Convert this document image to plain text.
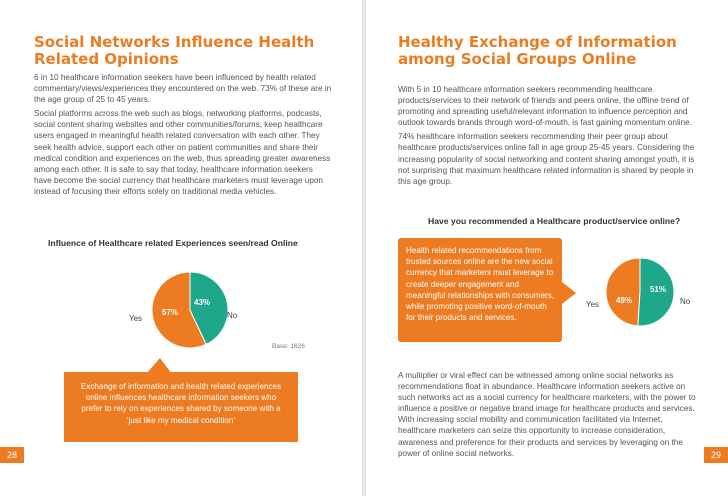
Social Networks Influence Health
Related Opinions

6 in 10 healthcare information seekers have been influenced by health related commentary/views/experiences they encountered on the web. 73% of these are in the age group of 25 to 45 years.

Social platforms across the web such as blogs, networking platforms, podcasts, social content sharing websites and other communities/forums, keep healthcare users engaged in meaningful health related conversation with each other. They seek health advice, support each other on patient communities and share their medical condition and experiences on the web, thus spreading greater awareness among each other. It is safe to say that today, healthcare information seekers have become the social currency that healthcare marketers must leverage upon instead of focusing their efforts solely on traditional media vehicles.

Influence of Healthcare related Experiences seen/read Online
Yes	No
57%
43%
Base: 1626
Exchange of information and health related experiences online influences healthcare information seekers who prefer to rely on experiences shared by someone with a 'just like my medical condition'
28
Healthy Exchange of Information
among Social Groups Online

With 5 in 10 healthcare information seekers recommending healthcare products/services to their network of friends and peers online, the offline trend of promoting and spreading useful/relevant information to influence perception and outlook towards brands through word-of-mouth, is fast gaining momentum online.

74% healthcare information seekers recommending their peer group about healthcare products/services online fall in age group 25-45 years. Considering the increasing popularity of social networking and content sharing amongst youth, it is not surprising that maximum healthcare related information is shared by people in this age group.

Have you recommended a Healthcare product/service online?
Health related recommendations from trusted sources online are the new social currency that marketers must leverage to create deeper engagement and meaningful relationships with consumers, while promoting positive word-of-mouth for their products and services.
Yes	No
49%
51%
A multiplier or viral effect can be witnessed among online social networks as recommendations float in abundance. Healthcare information seekers active on such networks act as a social currency for healthcare marketers, with the power to influence a positive or negative brand image for healthcare products and services. With increasing social mobility and communication facilitated via Internet, healthcare marketers can seize this opportunity to increase consideration, awareness and preference for their products and services by leveraging on the power of online social networks.	29
